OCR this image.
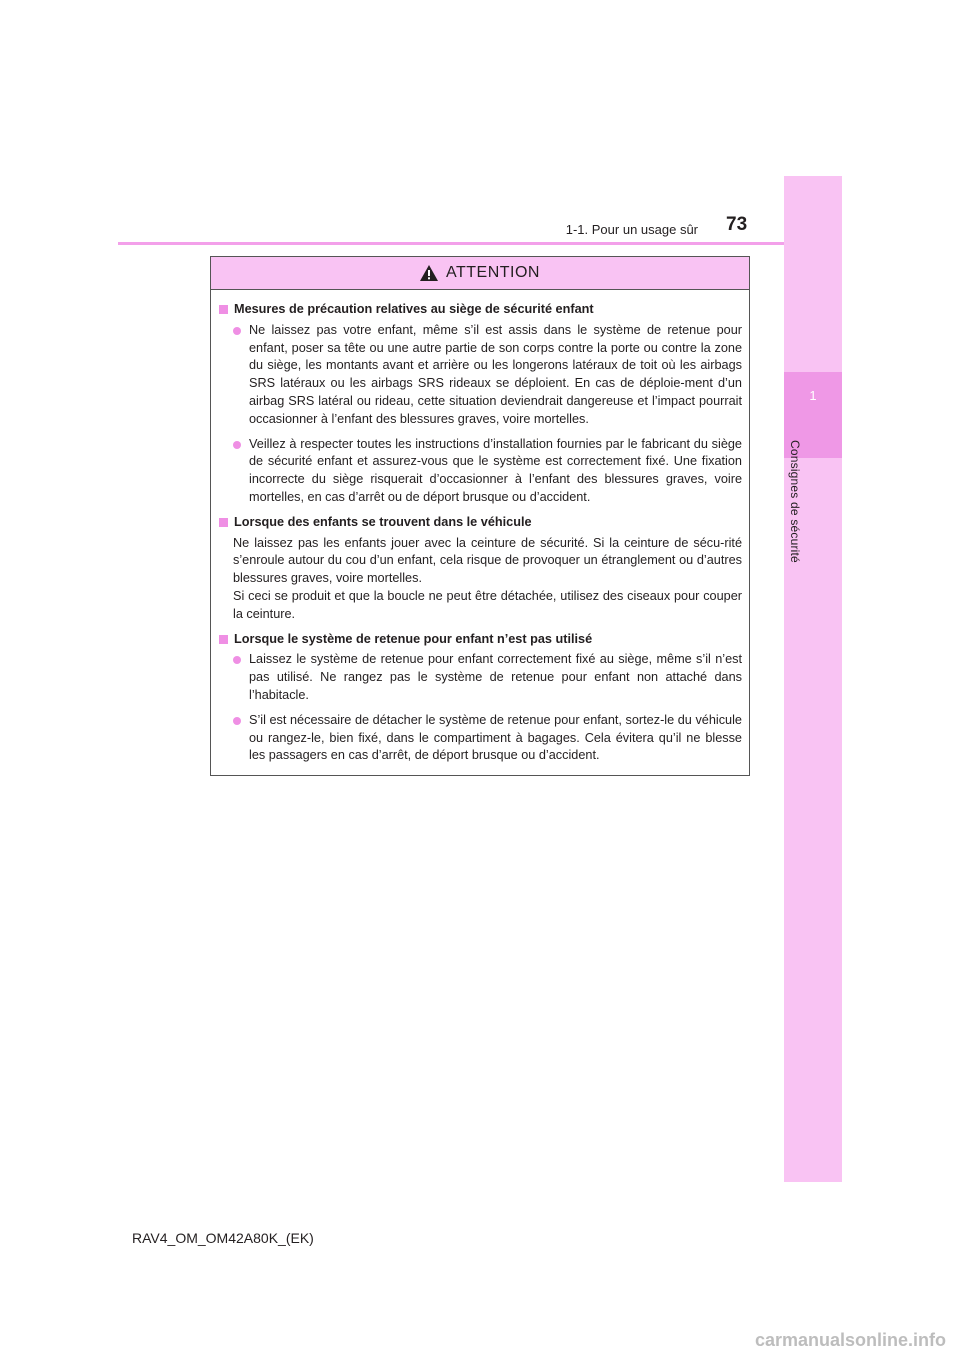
1
Consignes de sécurité
1-1. Pour un usage sûr 73
ATTENTION
Mesures de précaution relatives au siège de sécurité enfant

Ne laissez pas votre enfant, même s’il est assis dans le système de retenue pour enfant, poser sa tête ou une autre partie de son corps contre la porte ou contre la zone du siège, les montants avant et arrière ou les longerons latéraux de toit où les airbags SRS latéraux ou les airbags SRS rideaux se déploient. En cas de déploie-ment d’un airbag SRS latéral ou rideau, cette situation deviendrait dangereuse et l’impact pourrait occasionner à l’enfant des blessures graves, voire mortelles.

Veillez à respecter toutes les instructions d’installation fournies par le fabricant du siège de sécurité enfant et assurez-vous que le système est correctement fixé. Une fixation incorrecte du siège risquerait d’occasionner à l’enfant des blessures graves, voire mortelles, en cas d’arrêt ou de déport brusque ou d’accident.

Lorsque des enfants se trouvent dans le véhicule

Ne laissez pas les enfants jouer avec la ceinture de sécurité. Si la ceinture de sécu-rité s’enroule autour du cou d’un enfant, cela risque de provoquer un étranglement ou d’autres blessures graves, voire mortelles.

Si ceci se produit et que la boucle ne peut être détachée, utilisez des ciseaux pour couper la ceinture.

Lorsque le système de retenue pour enfant n’est pas utilisé

Laissez le système de retenue pour enfant correctement fixé au siège, même s’il n’est pas utilisé. Ne rangez pas le système de retenue pour enfant non attaché dans l’habitacle.

S’il est nécessaire de détacher le système de retenue pour enfant, sortez-le du véhicule ou rangez-le, bien fixé, dans le compartiment à bagages. Cela évitera qu’il ne blesse les passagers en cas d’arrêt, de déport brusque ou d’accident.

RAV4_OM_OM42A80K_(EK)
carmanualsonline.info
